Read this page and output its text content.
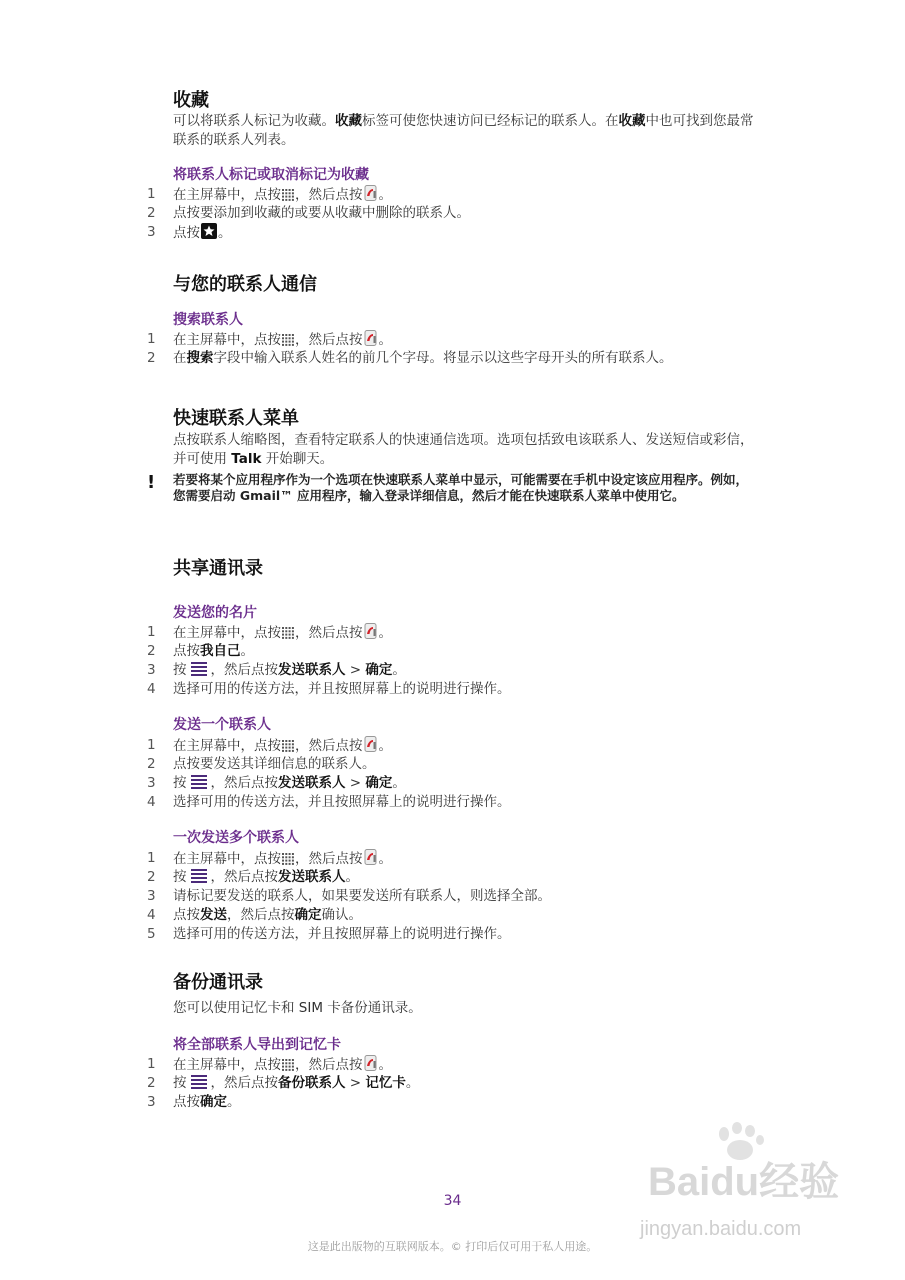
收藏

可以将联系人标记为收藏。收藏标签可使您快速访问已经标记的联系人。在收藏中也可找到您最常联系的联系人列表。

将联系人标记或取消标记为收藏
1 在主屏幕中，点按 ，然后点按 。
2 点按要添加到收藏的或要从收藏中删除的联系人。
3 点按 。
与您的联系人通信
搜索联系人
1 在主屏幕中，点按 ，然后点按 。
2 在搜索字段中输入联系人姓名的前几个字母。将显示以这些字母开头的所有联系人。
快速联系人菜单

点按联系人缩略图，查看特定联系人的快速通信选项。选项包括致电该联系人、发送短信或彩信，并可使用 Talk 开始聊天。

! 若要将某个应用程序作为一个选项在快速联系人菜单中显示，可能需要在手机中设定该应用程序。例如，您需要启动 Gmail™ 应用程序，输入登录详细信息，然后才能在快速联系人菜单中使用它。
共享通讯录
发送您的名片
1 在主屏幕中，点按 ，然后点按 。
2 点按我自己。
3 按 ，然后点按发送联系人 > 确定。
4 选择可用的传送方法，并且按照屏幕上的说明进行操作。
发送一个联系人
1 在主屏幕中，点按 ，然后点按 。
2 点按要发送其详细信息的联系人。
3 按 ，然后点按发送联系人 > 确定。
4 选择可用的传送方法，并且按照屏幕上的说明进行操作。
一次发送多个联系人
1 在主屏幕中，点按 ，然后点按 。
2 按 ，然后点按发送联系人。
3 请标记要发送的联系人，如果要发送所有联系人，则选择全部。
4 点按发送，然后点按确定确认。
5 选择可用的传送方法，并且按照屏幕上的说明进行操作。
备份通讯录

您可以使用记忆卡和 SIM 卡备份通讯录。

将全部联系人导出到记忆卡
1 在主屏幕中，点按 ，然后点按 。
2 按 ，然后点按备份联系人 > 记忆卡。
3 点按确定。
34
这是此出版物的互联网版本。© 打印后仅可用于私人用途。
Baidu经验
jingyan.baidu.com
